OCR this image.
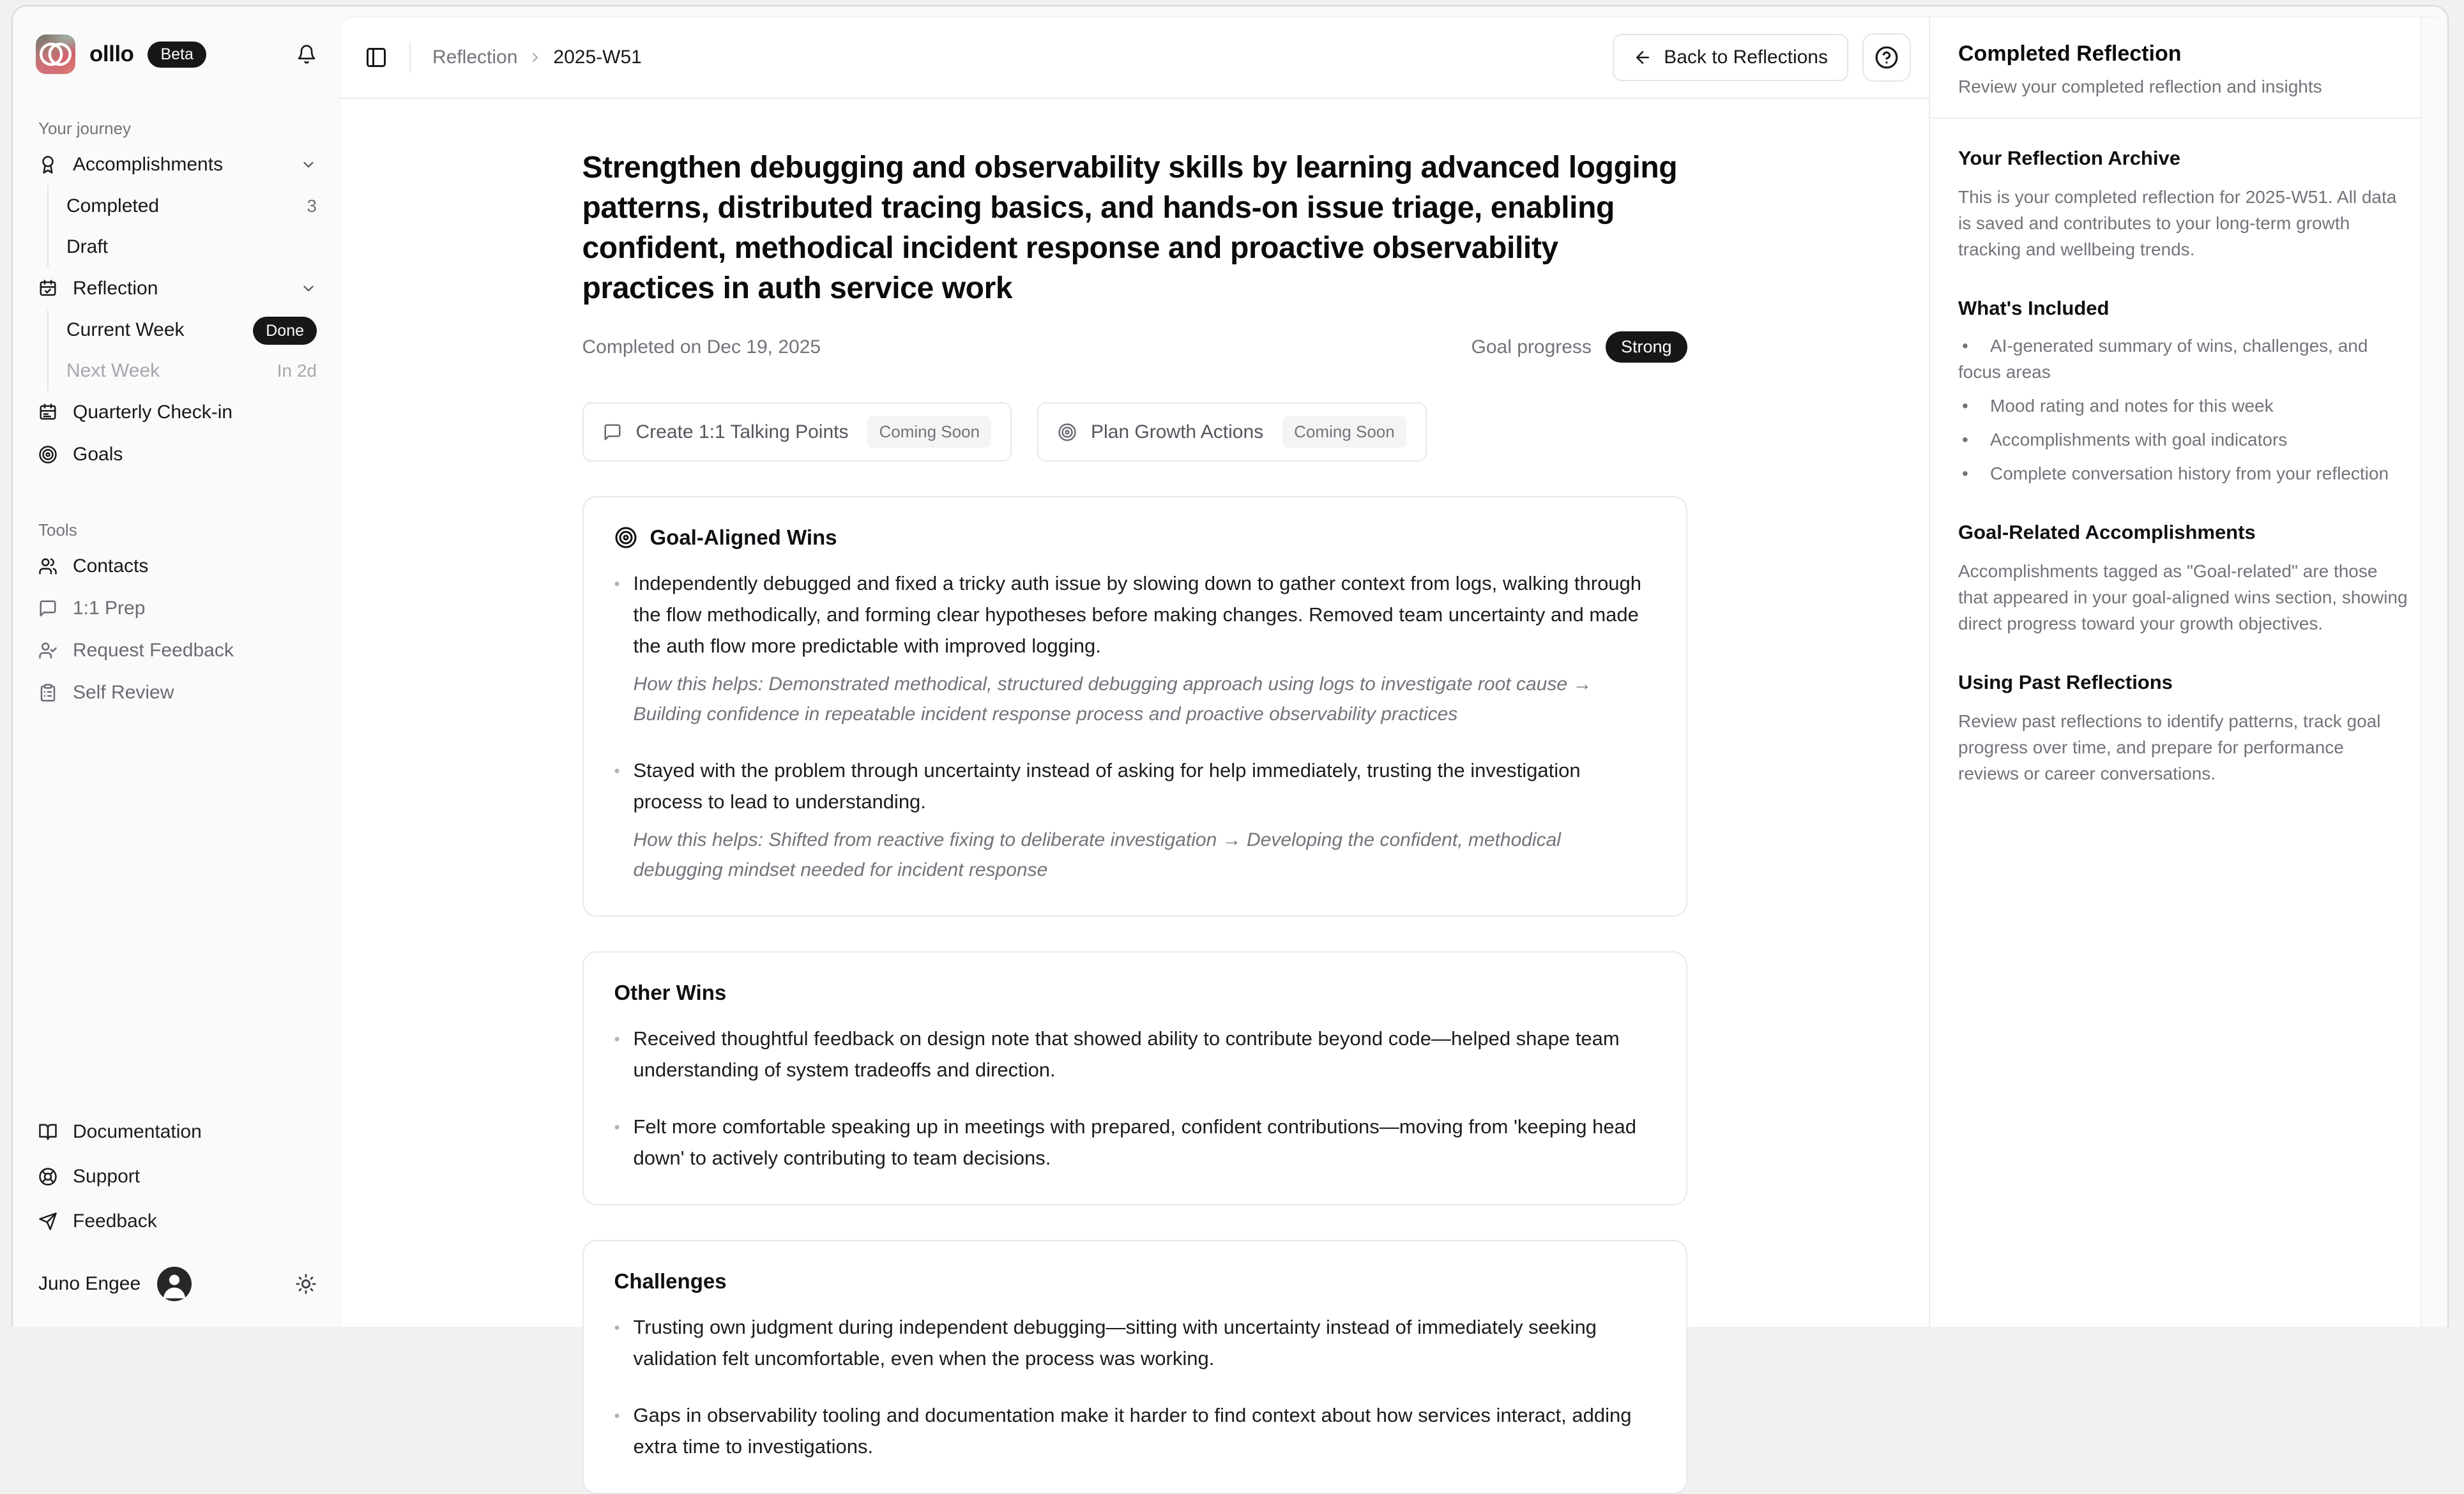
olllo	Beta
Your journey
Accomplishments
Completed	3
Draft
Reflection
Current Week	Done
Next Week	In 2d
Quarterly Check-in
Goals
Tools
Contacts
1:1 Prep
Request Feedback
Self Review
Documentation
Support
Feedback
Juno Engee
Reflection 2025-W51	Back to Reflections
Strengthen debugging and observability skills by learning advanced logging patterns, distributed tracing basics, and hands-on issue triage, enabling confident, methodical incident response and proactive observability practices in auth service work
Completed on Dec 19, 2025	Goal progress	Strong
Create 1:1 Talking Points	Coming Soon	Plan Growth Actions	Coming Soon
Goal-Aligned Wins
• Independently debugged and fixed a tricky auth issue by slowing down to gather context from logs, walking through the flow methodically, and forming clear hypotheses before making changes. Removed team uncertainty and made the auth flow more predictable with improved logging.
How this helps: Demonstrated methodical, structured debugging approach using logs to investigate root cause → Building confidence in repeatable incident response process and proactive observability practices
• Stayed with the problem through uncertainty instead of asking for help immediately, trusting the investigation process to lead to understanding.
How this helps: Shifted from reactive fixing to deliberate investigation → Developing the confident, methodical debugging mindset needed for incident response
Other Wins
• Received thoughtful feedback on design note that showed ability to contribute beyond code—helped shape team understanding of system tradeoffs and direction.
• Felt more comfortable speaking up in meetings with prepared, confident contributions—moving from 'keeping head down' to actively contributing to team decisions.
Challenges
• Trusting own judgment during independent debugging—sitting with uncertainty instead of immediately seeking validation felt uncomfortable, even when the process was working.
• Gaps in observability tooling and documentation make it harder to find context about how services interact, adding extra time to investigations.
Completed Reflection
Review your completed reflection and insights
Your Reflection Archive

This is your completed reflection for 2025-W51. All data is saved and contributes to your long-term growth tracking and wellbeing trends.

What's Included
• AI-generated summary of wins, challenges, and focus areas
• Mood rating and notes for this week
• Accomplishments with goal indicators
• Complete conversation history from your reflection
Goal-Related Accomplishments

Accomplishments tagged as "Goal-related" are those that appeared in your goal-aligned wins section, showing direct progress toward your growth objectives.

Using Past Reflections

Review past reflections to identify patterns, track goal progress over time, and prepare for performance reviews or career conversations.
